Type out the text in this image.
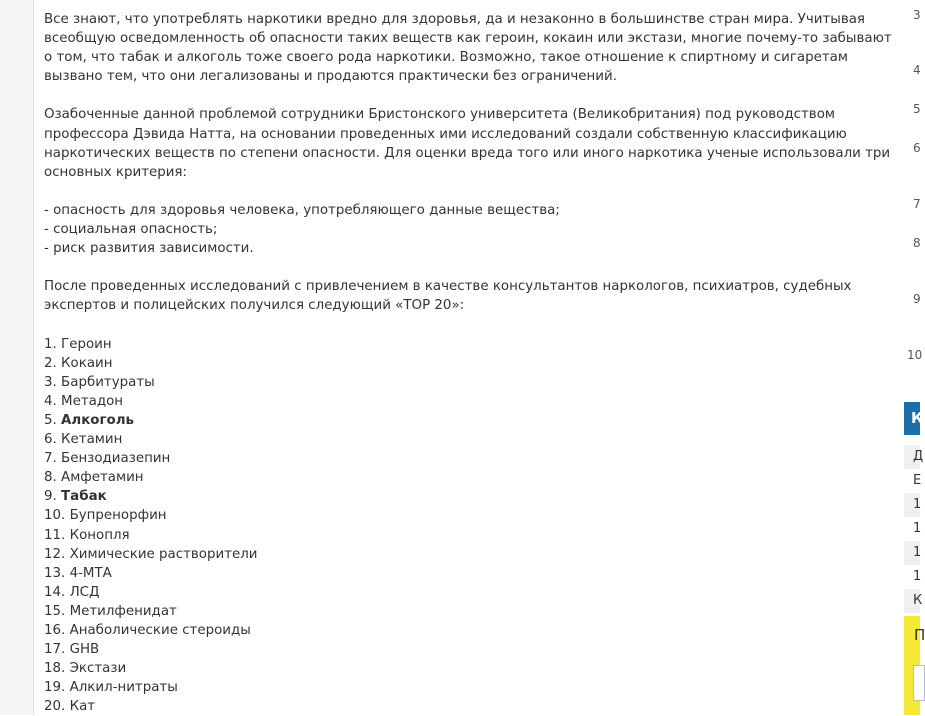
Все знают, что употреблять наркотики вредно для здоровья, да и незаконно в большинстве стран мира. Учитывая всеобщую осведомленность об опасности таких веществ как героин, кокаин или экстази, многие почему-то забывают о том, что табак и алкоголь тоже своего рода наркотики. Возможно, такое отношение к спиртному и сигаретам вызвано тем, что они легализованы и продаются практически без ограничений.

Озабоченные данной проблемой сотрудники Бристонского университета (Великобритания) под руководством профессора Дэвида Натта, на основании проведенных ими исследований создали собственную классификацию наркотических веществ по степени опасности. Для оценки вреда того или иного наркотика ученые использовали три основных критерия:

- опасность для здоровья человека, употребляющего данные вещества;
- социальная опасность;
- риск развития зависимости.

После проведенных исследований с привлечением в качестве консультантов наркологов, психиатров, судебных экспертов и полицейских получился следующий «TOP 20»:

1. Героин
2. Кокаин
3. Барбитураты
4. Метадон
5. Алкоголь
6. Кетамин
7. Бензодиазепин
8. Амфетамин
9. Табак
10. Бупренорфин
11. Конопля
12. Химические растворители
13. 4-МТА
14. ЛСД
15. Метилфенидат
16. Анаболические стероиды
17. GHB
18. Экстази
19. Алкил-нитраты
20. Кат
3
4
5
6
7
8
9
10
К
Д
Е
1
1
1
1
К
П
